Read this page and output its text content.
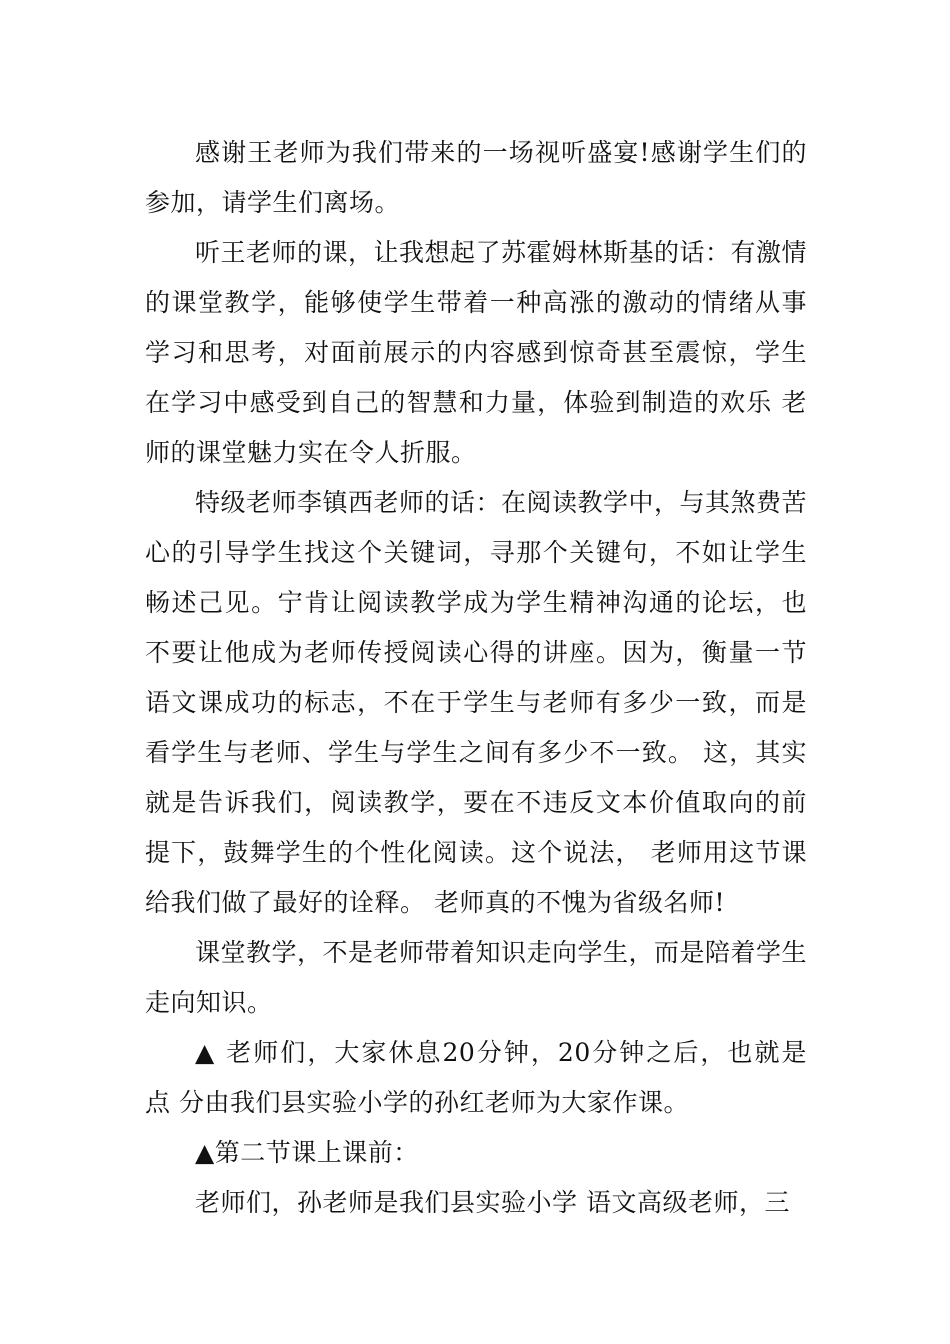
感谢王老师为我们带来的一场视听盛宴!感谢学生们的参加，请学生们离场。

听王老师的课，让我想起了苏霍姆林斯基的话：有激情的课堂教学，能够使学生带着一种高涨的激动的情绪从事学习和思考，对面前展示的内容感到惊奇甚至震惊，学生在学习中感受到自己的智慧和力量，体验到制造的欢乐 老师的课堂魅力实在令人折服。

特级老师李镇西老师的话：在阅读教学中，与其煞费苦心的引导学生找这个关键词，寻那个关键句，不如让学生畅述己见。宁肯让阅读教学成为学生精神沟通的论坛，也不要让他成为老师传授阅读心得的讲座。因为，衡量一节语文课成功的标志，不在于学生与老师有多少一致，而是看学生与老师、学生与学生之间有多少不一致。 这，其实就是告诉我们，阅读教学，要在不违反文本价值取向的前提下，鼓舞学生的个性化阅读。这个说法， 老师用这节课给我们做了最好的诠释。 老师真的不愧为省级名师!

课堂教学，不是老师带着知识走向学生，而是陪着学生走向知识。

▲ 老师们，大家休息20分钟，20分钟之后，也就是 点 分由我们县实验小学的孙红老师为大家作课。

▲第二节课上课前：

老师们，孙老师是我们县实验小学 语文高级老师，三
